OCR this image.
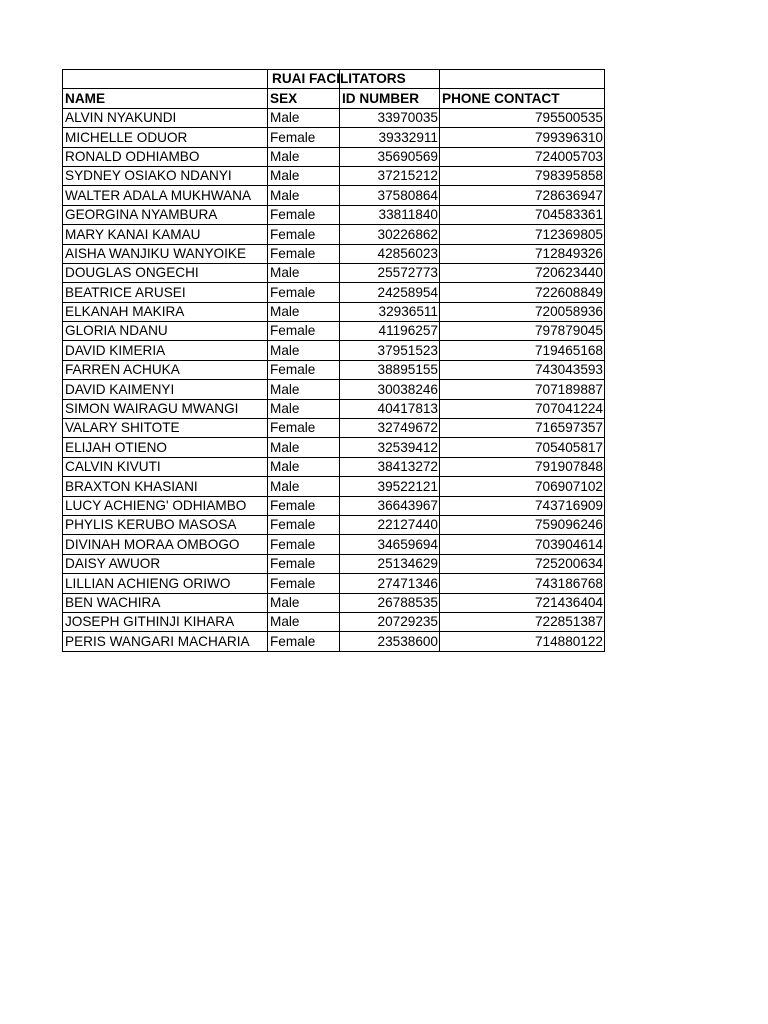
	RUAI FACILITATORS		

NAME	SEX	ID NUMBER	PHONE CONTACT
ALVIN NYAKUNDI	Male	33970035	795500535
MICHELLE ODUOR	Female	39332911	799396310
RONALD ODHIAMBO	Male	35690569	724005703
SYDNEY OSIAKO NDANYI	Male	37215212	798395858
WALTER ADALA MUKHWANA	Male	37580864	728636947
GEORGINA NYAMBURA	Female	33811840	704583361
MARY KANAI KAMAU	Female	30226862	712369805
AISHA WANJIKU WANYOIKE	Female	42856023	712849326
DOUGLAS ONGECHI	Male	25572773	720623440
BEATRICE ARUSEI	Female	24258954	722608849
ELKANAH MAKIRA	Male	32936511	720058936
GLORIA NDANU	Female	41196257	797879045
DAVID KIMERIA	Male	37951523	719465168
FARREN ACHUKA	Female	38895155	743043593
DAVID KAIMENYI	Male	30038246	707189887
SIMON WAIRAGU MWANGI	Male	40417813	707041224
VALARY SHITOTE	Female	32749672	716597357
ELIJAH OTIENO	Male	32539412	705405817
CALVIN KIVUTI	Male	38413272	791907848
BRAXTON KHASIANI	Male	39522121	706907102
LUCY ACHIENG' ODHIAMBO	Female	36643967	743716909
PHYLIS KERUBO MASOSA	Female	22127440	759096246
DIVINAH MORAA OMBOGO	Female	34659694	703904614
DAISY AWUOR	Female	25134629	725200634
LILLIAN ACHIENG ORIWO	Female	27471346	743186768
BEN WACHIRA	Male	26788535	721436404
JOSEPH GITHINJI KIHARA	Male	20729235	722851387
PERIS WANGARI MACHARIA	Female	23538600	714880122
